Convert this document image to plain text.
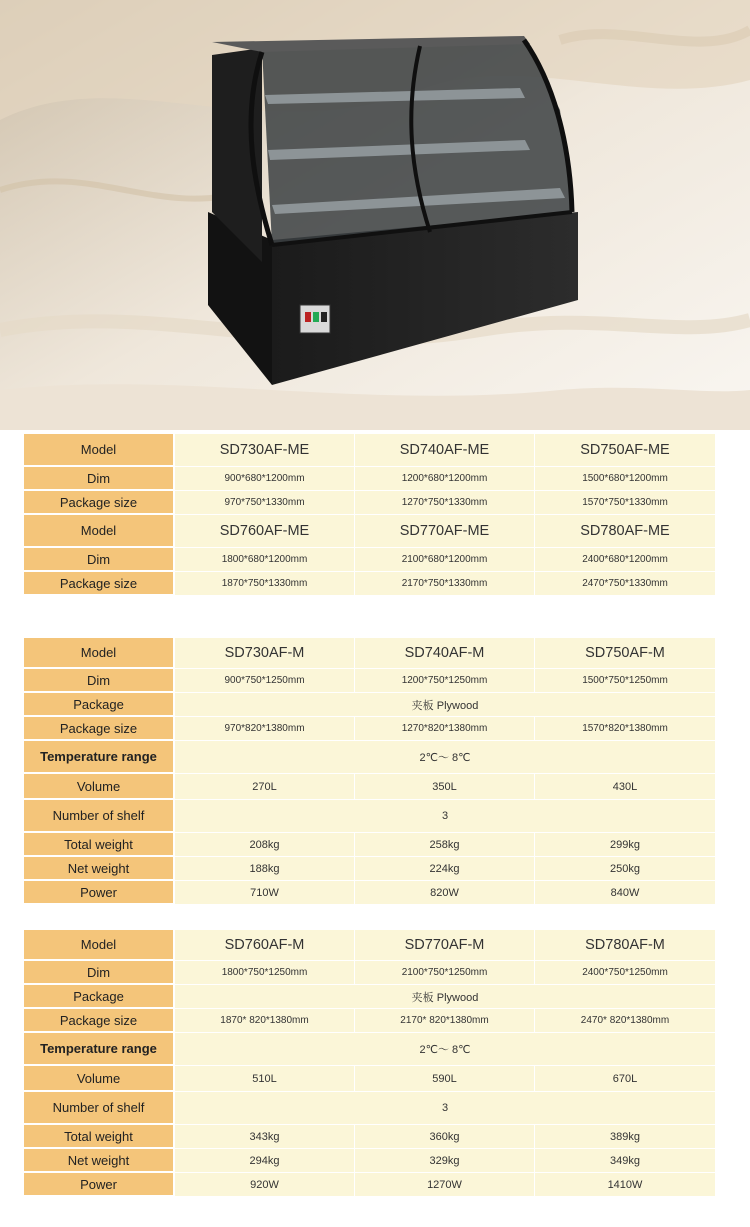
Model	SD730AF-ME	SD740AF-ME	SD750AF-ME
Dim	900*680*1200mm	1200*680*1200mm	1500*680*1200mm
Package size	970*750*1330mm	1270*750*1330mm	1570*750*1330mm
Model	SD760AF-ME	SD770AF-ME	SD780AF-ME
Dim	1800*680*1200mm	2100*680*1200mm	2400*680*1200mm
Package size	1870*750*1330mm	2170*750*1330mm	2470*750*1330mm
Model	SD730AF-M	SD740AF-M	SD750AF-M
Dim	900*750*1250mm	1200*750*1250mm	1500*750*1250mm
Package	夹板 Plywood
Package size	970*820*1380mm	1270*820*1380mm	1570*820*1380mm
Temperature range	2℃～ 8℃
Volume	270L	350L	430L
Number of shelf	3
Total weight	208kg	258kg	299kg
Net weight	188kg	224kg	250kg
Power	710W	820W	840W
Model	SD760AF-M	SD770AF-M	SD780AF-M
Dim	1800*750*1250mm	2100*750*1250mm	2400*750*1250mm
Package	夹板 Plywood
Package size	1870* 820*1380mm	2170* 820*1380mm	2470* 820*1380mm
Temperature range	2℃～ 8℃
Volume	510L	590L	670L
Number of shelf	3
Total weight	343kg	360kg	389kg
Net weight	294kg	329kg	349kg
Power	920W	1270W	1410W
